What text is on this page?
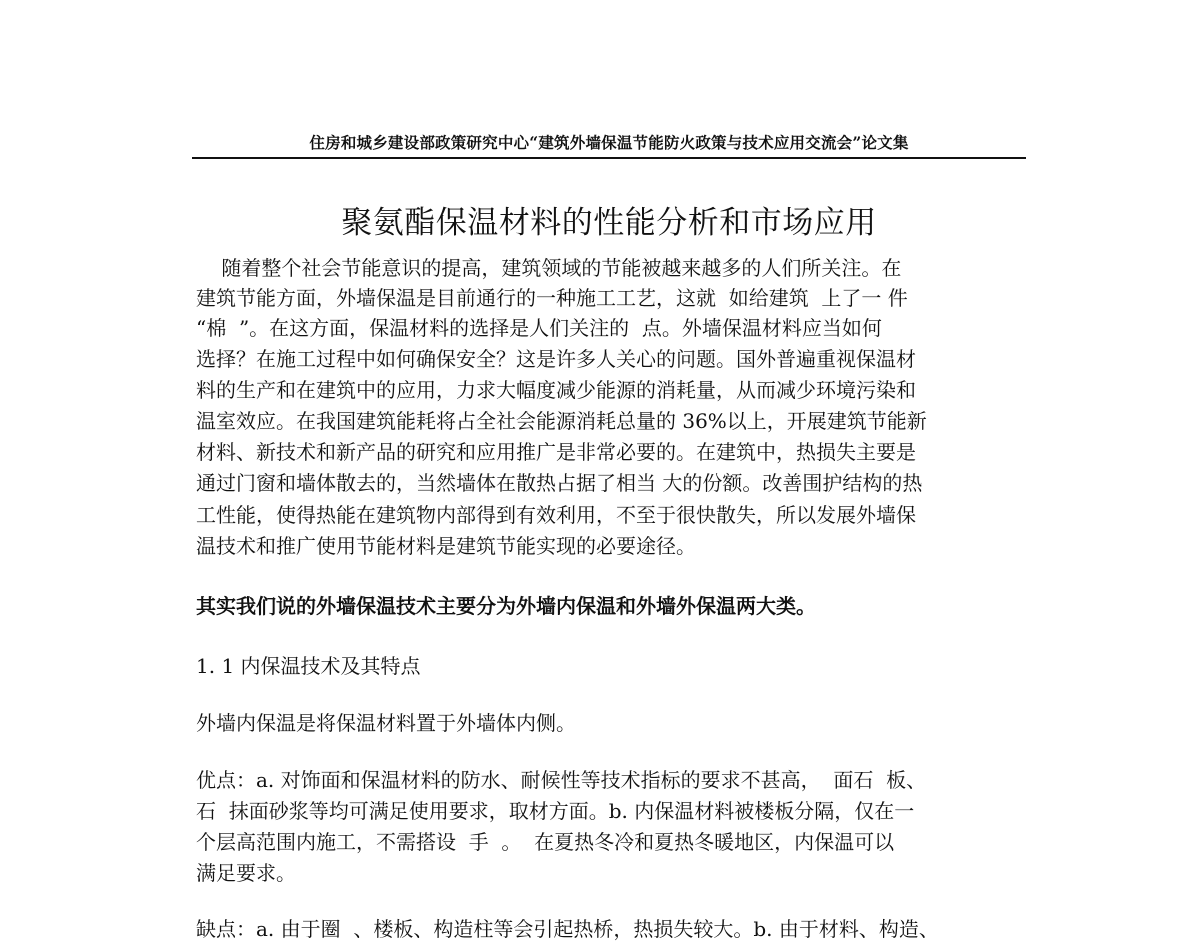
住房和城乡建设部政策研究中心“建筑外墙保温节能防火政策与技术应用交流会”论文集
聚氨酯保温材料的性能分析和市场应用
随着整个社会节能意识的提高，建筑领域的节能被越来越多的人们所关注。在
建筑节能方面，外墙保温是目前通行的一种施工工艺，这就  如给建筑  上了一 件
“棉  ”。在这方面，保温材料的选择是人们关注的  点。外墙保温材料应当如何
选择？在施工过程中如何确保安全？这是许多人关心的问题。国外普遍重视保温材
料的生产和在建筑中的应用，力求大幅度减少能源的消耗量，从而减少环境污染和
温室效应。在我国建筑能耗将占全社会能源消耗总量的 36%以上，开展建筑节能新
材料、新技术和新产品的研究和应用推广是非常必要的。在建筑中，热损失主要是
通过门窗和墙体散去的，当然墙体在散热占据了相当 大的份额。改善围护结构的热
工性能，使得热能在建筑物内部得到有效利用，不至于很快散失，所以发展外墙保
温技术和推广使用节能材料是建筑节能实现的必要途径。
其实我们说的外墙保温技术主要分为外墙内保温和外墙外保温两大类。
1. 1 内保温技术及其特点
外墙内保温是将保温材料置于外墙体内侧。
优点：a. 对饰面和保温材料的防水、耐候性等技术指标的要求不甚高，  面石  板、
石  抹面砂浆等均可满足使用要求，取材方面。b. 内保温材料被楼板分隔，仅在一
个层高范围内施工，不需搭设  手  。  在夏热冬冷和夏热冬暖地区，内保温可以
满足要求。
缺点：a. 由于圈  、楼板、构造柱等会引起热桥，热损失较大。b. 由于材料、构造、
